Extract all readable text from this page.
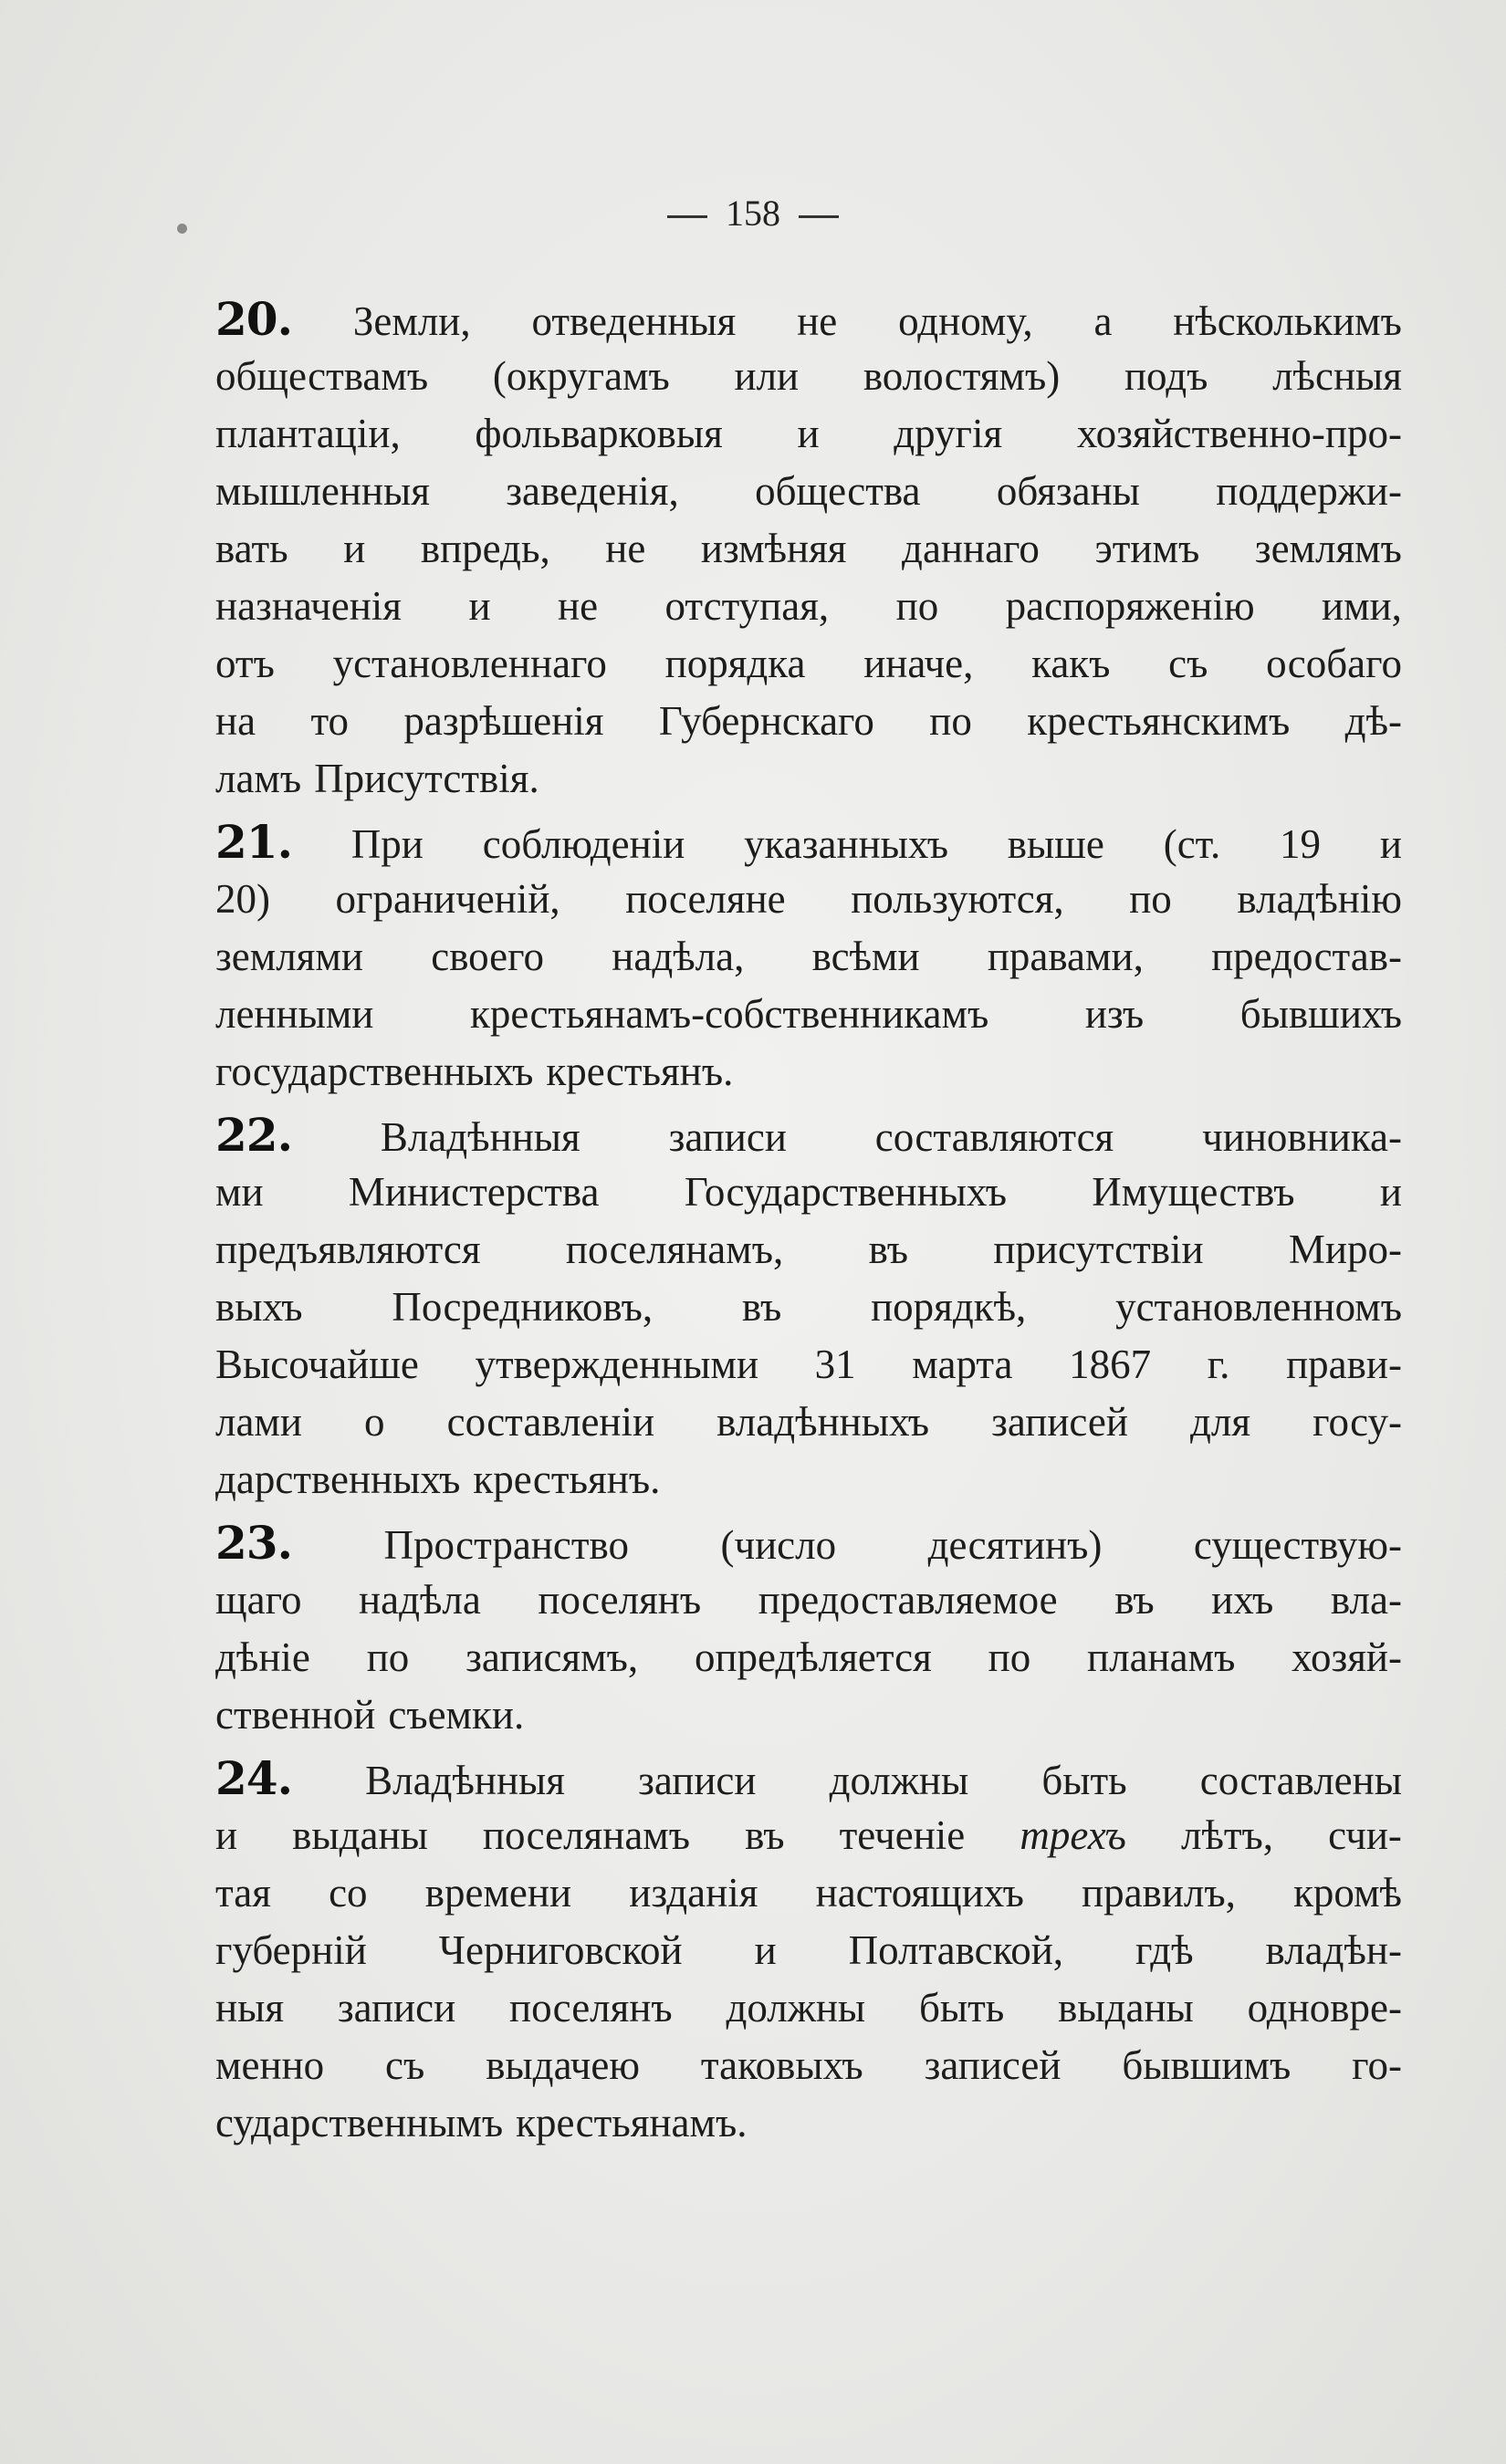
158
20. Земли, отведенныя не одному, а нѣсколькимъ
обществамъ (округамъ или волостямъ) подъ лѣсныя
плантаціи, фольварковыя и другія хозяйственно-про-
мышленныя заведенія, общества обязаны поддержи-
вать и впредь, не измѣняя даннаго этимъ землямъ
назначенія и не отступая, по распоряженію ими,
отъ установленнаго порядка иначе, какъ съ особаго
на то разрѣшенія Губернскаго по крестьянскимъ дѣ-
ламъ Присутствія.
21. При соблюденіи указанныхъ выше (ст. 19 и
20) ограниченій, поселяне пользуются, по владѣнію
землями своего надѣла, всѣми правами, предостав-
ленными крестьянамъ-собственникамъ изъ бывшихъ
государственныхъ крестьянъ.
22. Владѣнныя записи составляются чиновника-
ми Министерства Государственныхъ Имуществъ и
предъявляются поселянамъ, въ присутствіи Миро-
выхъ Посредниковъ, въ порядкѣ, установленномъ
Высочайше утвержденными 31 марта 1867 г. прави-
лами о составленіи владѣнныхъ записей для госу-
дарственныхъ крестьянъ.
23. Пространство (число десятинъ) существую-
щаго надѣла поселянъ предоставляемое въ ихъ вла-
дѣніе по записямъ, опредѣляется по планамъ хозяй-
ственной съемки.
24. Владѣнныя записи должны быть составлены
и выданы поселянамъ въ теченіе трехъ лѣтъ, счи-
тая со времени изданія настоящихъ правилъ, кромѣ
губерній Черниговской и Полтавской, гдѣ владѣн-
ныя записи поселянъ должны быть выданы одновре-
менно съ выдачею таковыхъ записей бывшимъ го-
сударственнымъ крестьянамъ.
